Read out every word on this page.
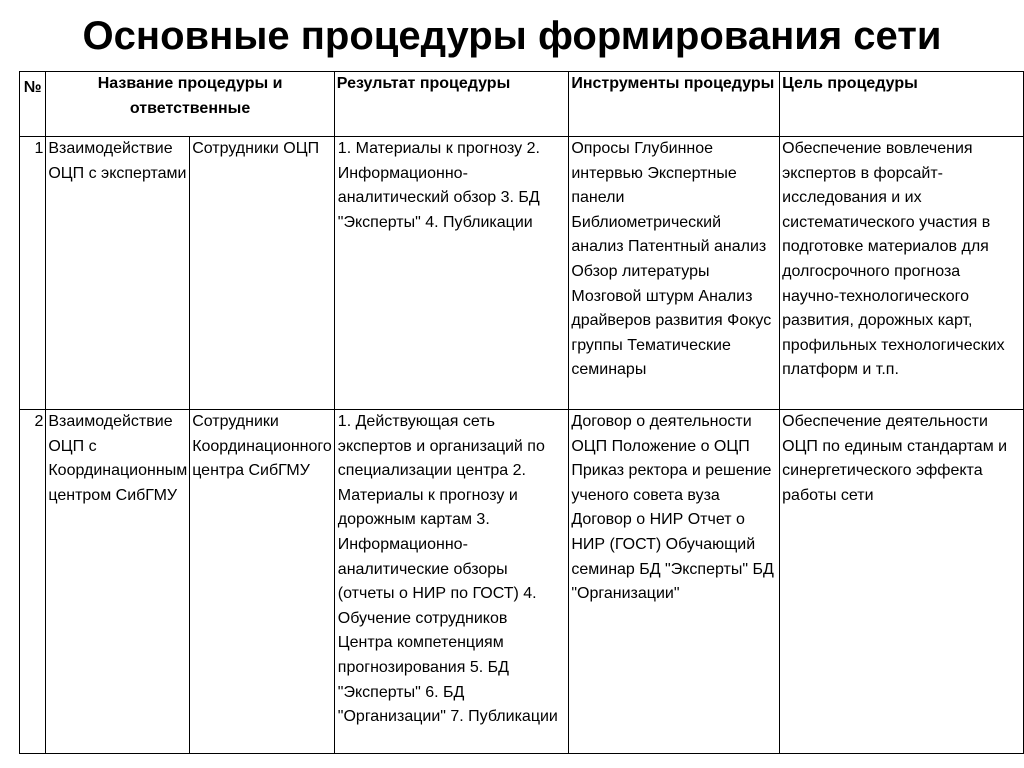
Основные процедуры формирования сети
№	Название процедуры и ответственные		Результат процедуры	Инструменты процедуры	Цель процедуры
1	Взаимодействие ОЦП с экспертами	Сотрудники ОЦП	1. Материалы к прогнозу 2. Информационно-аналитический обзор 3. БД "Эксперты" 4. Публикации	Опросы Глубинное интервью Экспертные панели Библиометрический анализ Патентный анализ Обзор литературы Мозговой штурм Анализ драйверов развития Фокус группы Тематические семинары	Обеспечение вовлечения экспертов в форсайт-исследования и их систематического участия в подготовке материалов для долгосрочного прогноза научно-технологического развития, дорожных карт, профильных технологических платформ и т.п.
2	Взаимодействие ОЦП с Координационным центром СибГМУ	Сотрудники Координационного центра СибГМУ	1. Действующая сеть экспертов и организаций по специализации центра 2. Материалы к прогнозу и дорожным картам 3. Информационно-аналитические обзоры (отчеты о НИР по ГОСТ) 4. Обучение сотрудников Центра компетенциям прогнозирования 5. БД "Эксперты" 6. БД "Организации" 7. Публикации	Договор о деятельности ОЦП Положение о ОЦП Приказ ректора и решение ученого совета вуза Договор о НИР Отчет о НИР (ГОСТ) Обучающий семинар БД "Эксперты" БД "Организации"	Обеспечение деятельности ОЦП по единым стандартам и синергетического эффекта работы сети
